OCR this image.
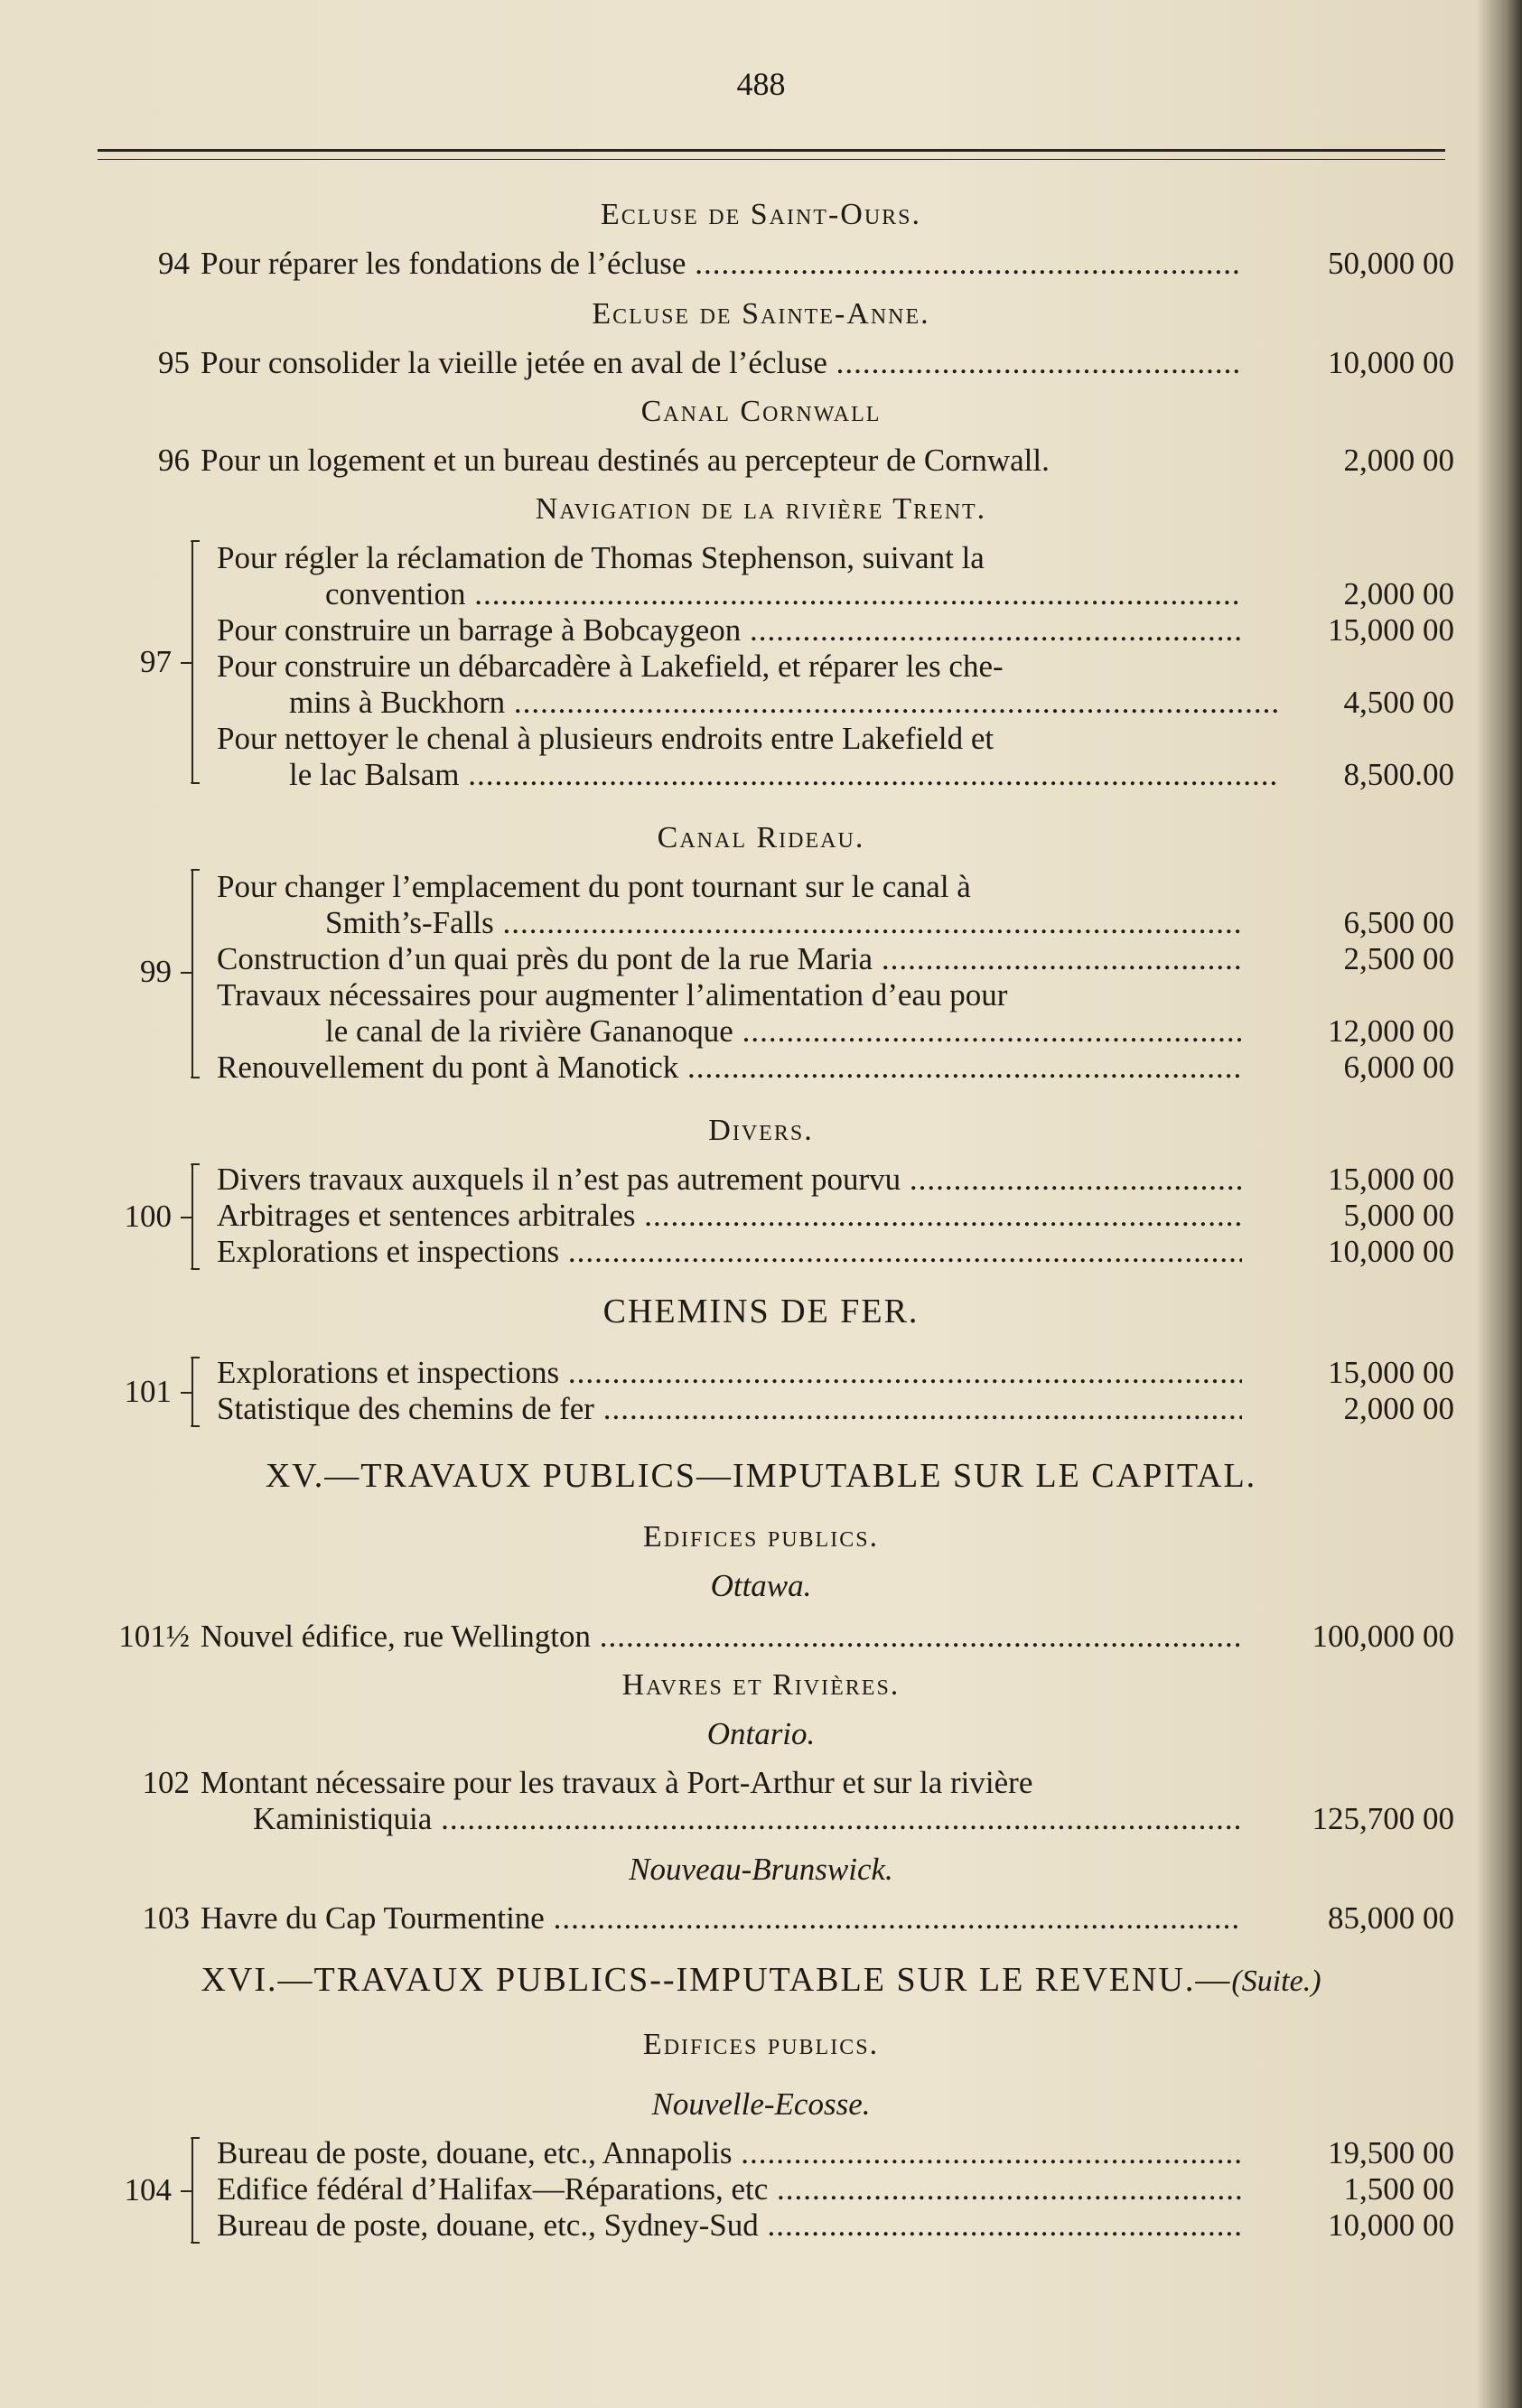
488
Ecluse de Saint-Ours.
94 Pour réparer les fondations de l’écluse .....	50,000 00
Ecluse de Sainte-Anne.
95 Pour consolider la vieille jetée en aval de l’écluse .....	10,000 00
Canal Cornwall
96 Pour un logement et un bureau destinés au percepteur de Cornwall.	2,000 00
Navigation de la rivière Trent.
97
Pour régler la réclamation de Thomas Stephenson, suivant la
convention .....	2,000 00
Pour construire un barrage à Bobcaygeon .....	15,000 00
Pour construire un débarcadère à Lakefield, et réparer les che-
mins à Buckhorn .....	4,500 00
Pour nettoyer le chenal à plusieurs endroits entre Lakefield et
le lac Balsam .....	8,500.00
Canal Rideau.
99
Pour changer l’emplacement du pont tournant sur le canal à
Smith’s-Falls .....	6,500 00
Construction d’un quai près du pont de la rue Maria .....	2,500 00
Travaux nécessaires pour augmenter l’alimentation d’eau pour
le canal de la rivière Gananoque .....	12,000 00
Renouvellement du pont à Manotick .....	6,000 00
Divers.
100
Divers travaux auxquels il n’est pas autrement pourvu .....	15,000 00
Arbitrages et sentences arbitrales .....	5,000 00
Explorations et inspections .....	10,000 00
CHEMINS DE FER.
101
Explorations et inspections .....	15,000 00
Statistique des chemins de fer .....	2,000 00
XV.—TRAVAUX PUBLICS—IMPUTABLE SUR LE CAPITAL.
Edifices publics.
Ottawa.
101½ Nouvel édifice, rue Wellington .....	100,000 00
Havres et Rivières.
Ontario.
102 Montant nécessaire pour les travaux à Port-Arthur et sur la rivière
Kaministiquia .....	125,700 00
Nouveau-Brunswick.
103 Havre du Cap Tourmentine .....	85,000 00
XVI.—TRAVAUX PUBLICS--IMPUTABLE SUR LE REVENU.—(Suite.)
Edifices publics.
Nouvelle-Ecosse.
104
Bureau de poste, douane, etc., Annapolis .....	19,500 00
Edifice fédéral d’Halifax—Réparations, etc .....	1,500 00
Bureau de poste, douane, etc., Sydney-Sud .....	10,000 00
